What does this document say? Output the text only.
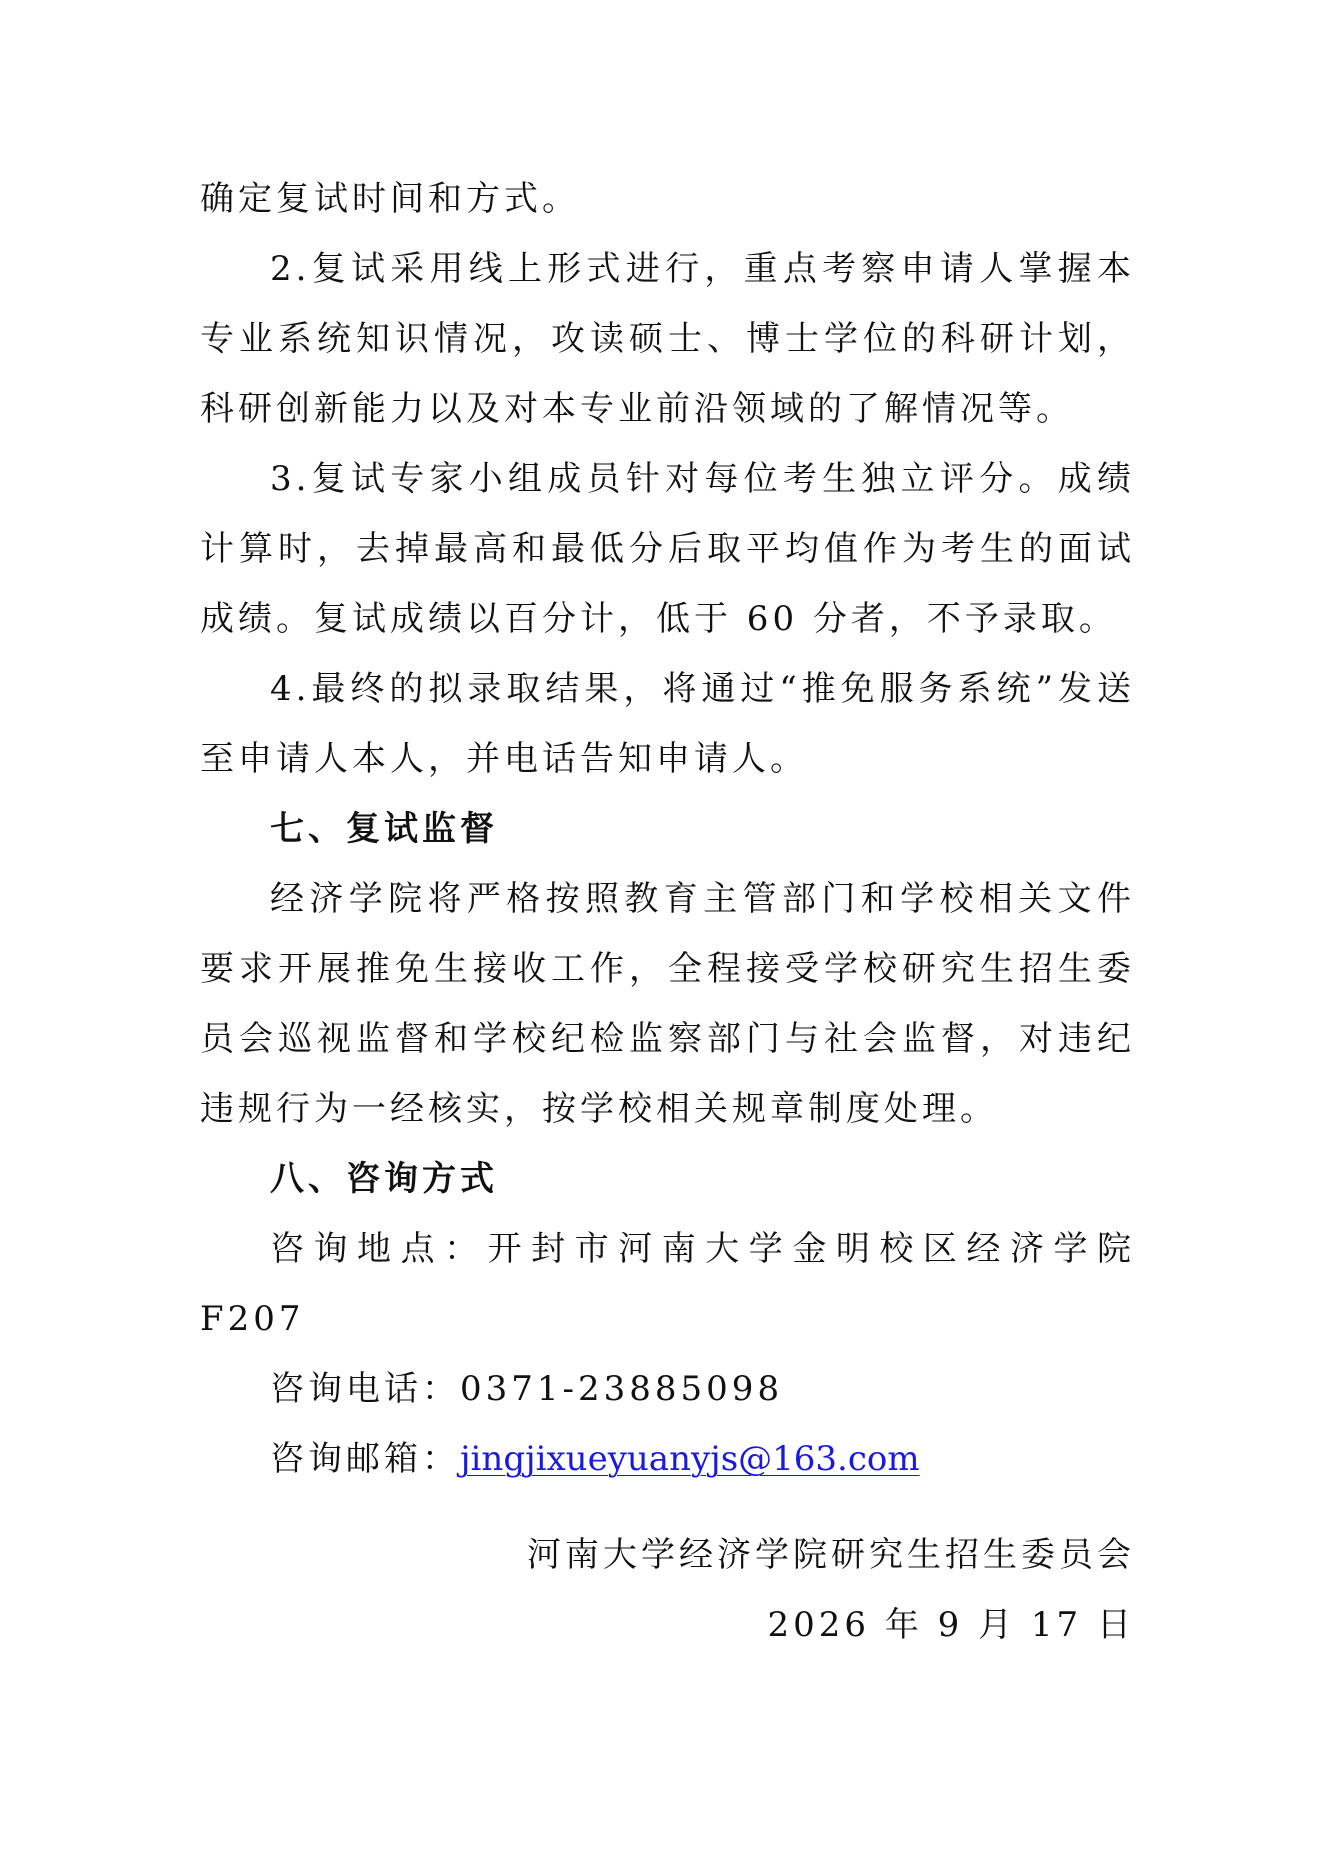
确定复试时间和方式。

2.复试采用线上形式进行，重点考察申请人掌握本专业系统知识情况，攻读硕士、博士学位的科研计划，科研创新能力以及对本专业前沿领域的了解情况等。

3.复试专家小组成员针对每位考生独立评分。成绩计算时，去掉最高和最低分后取平均值作为考生的面试成绩。复试成绩以百分计，低于 60 分者，不予录取。

4.最终的拟录取结果，将通过“推免服务系统”发送至申请人本人，并电话告知申请人。

七、复试监督

经济学院将严格按照教育主管部门和学校相关文件要求开展推免生接收工作，全程接受学校研究生招生委员会巡视监督和学校纪检监察部门与社会监督，对违纪违规行为一经核实，按学校相关规章制度处理。

八、咨询方式

咨询地点：开封市河南大学金明校区经济学院 F207

咨询电话：0371-23885098

咨询邮箱：jingjixueyuanyjs@163.com

河南大学经济学院研究生招生委员会
2026 年 9 月 17 日
